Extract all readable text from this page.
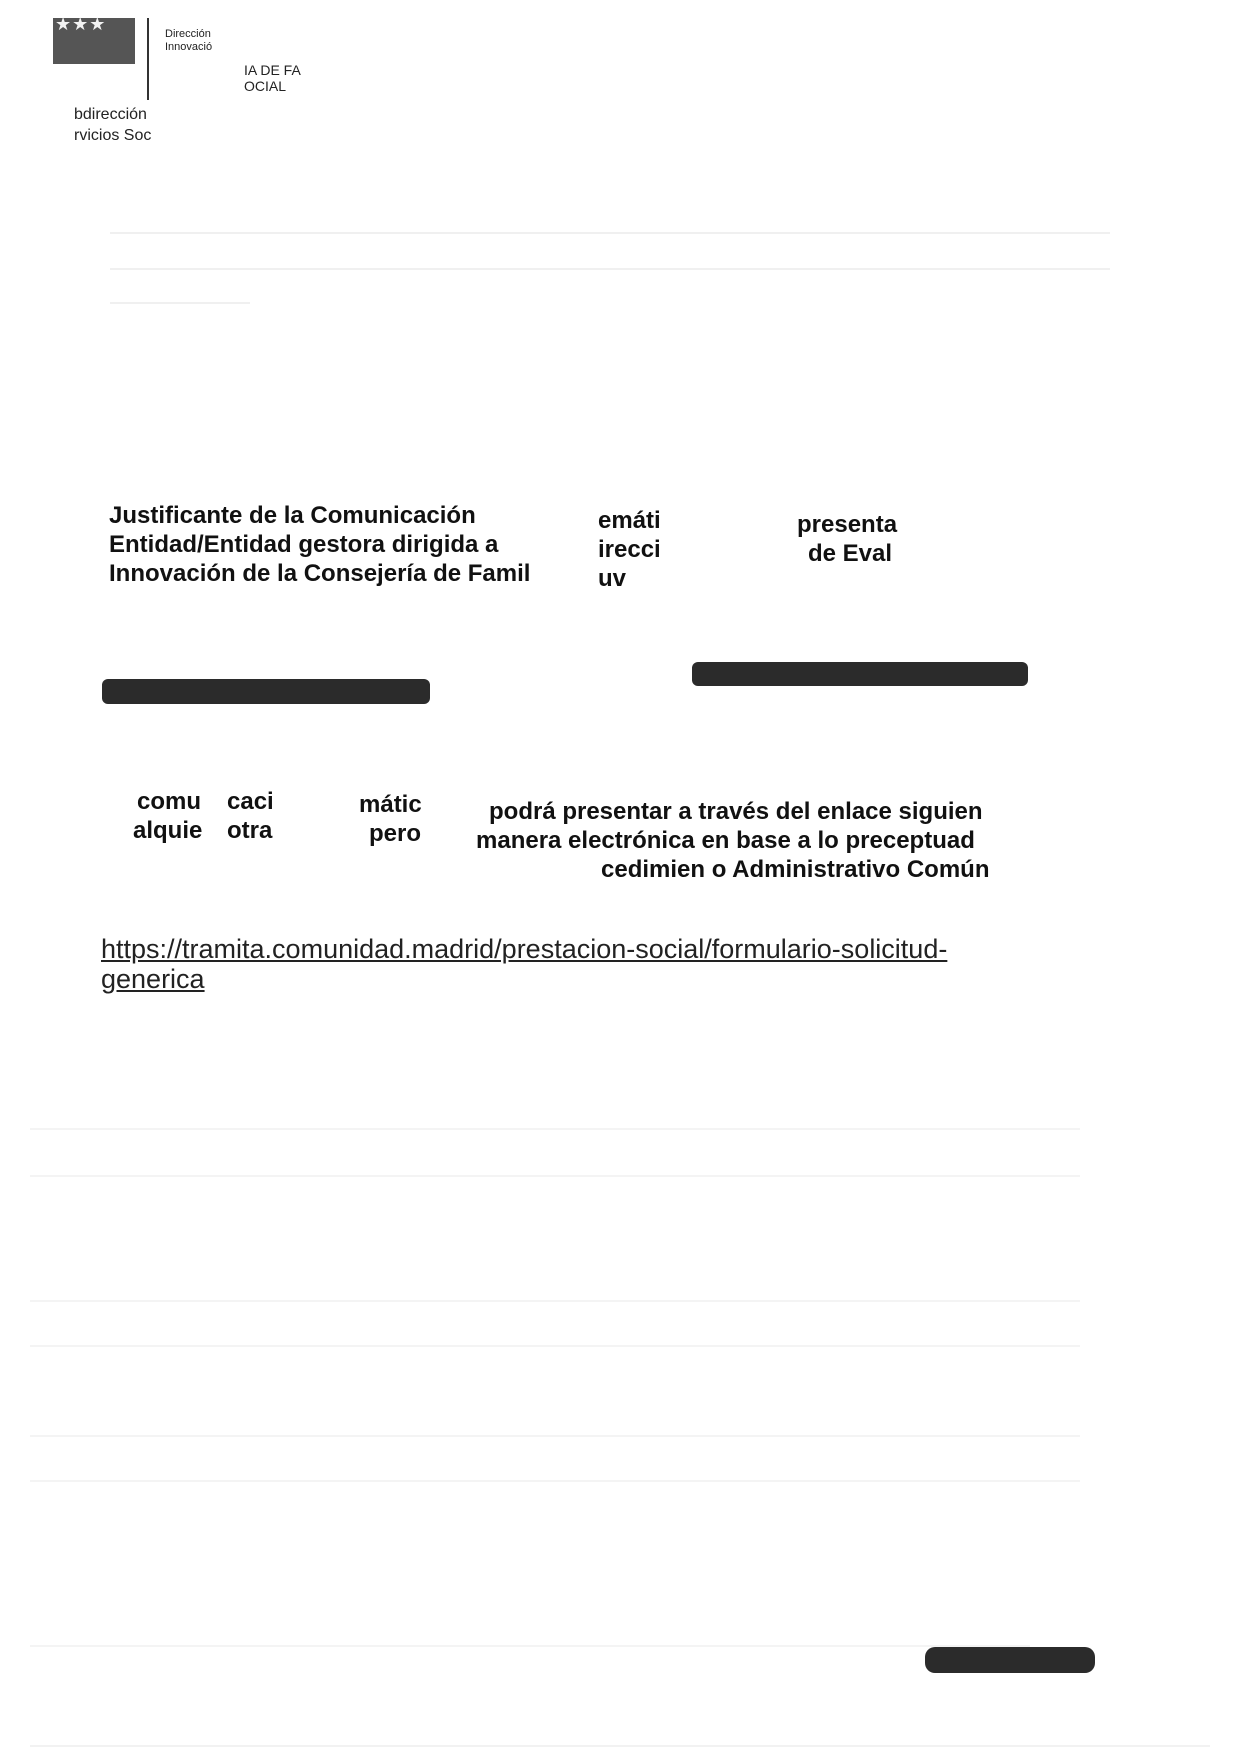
★★★	Dirección
Innovació
IA DE FA
OCIAL
bdirección
rvicios Soc
Justificante de la Comunicación
Entidad/Entidad gestora dirigida a
Innovación de la Consejería de Famil
emáti
irecci
uv
presenta
de Eval
comu
alquie
caci
otra
mátic
pero
podrá presentar a través del enlace siguien
manera electrónica en base a lo preceptuad
cedimien o Administrativo Común
https://tramita.comunidad.madrid/prestacion-social/formulario-solicitud-
generica
